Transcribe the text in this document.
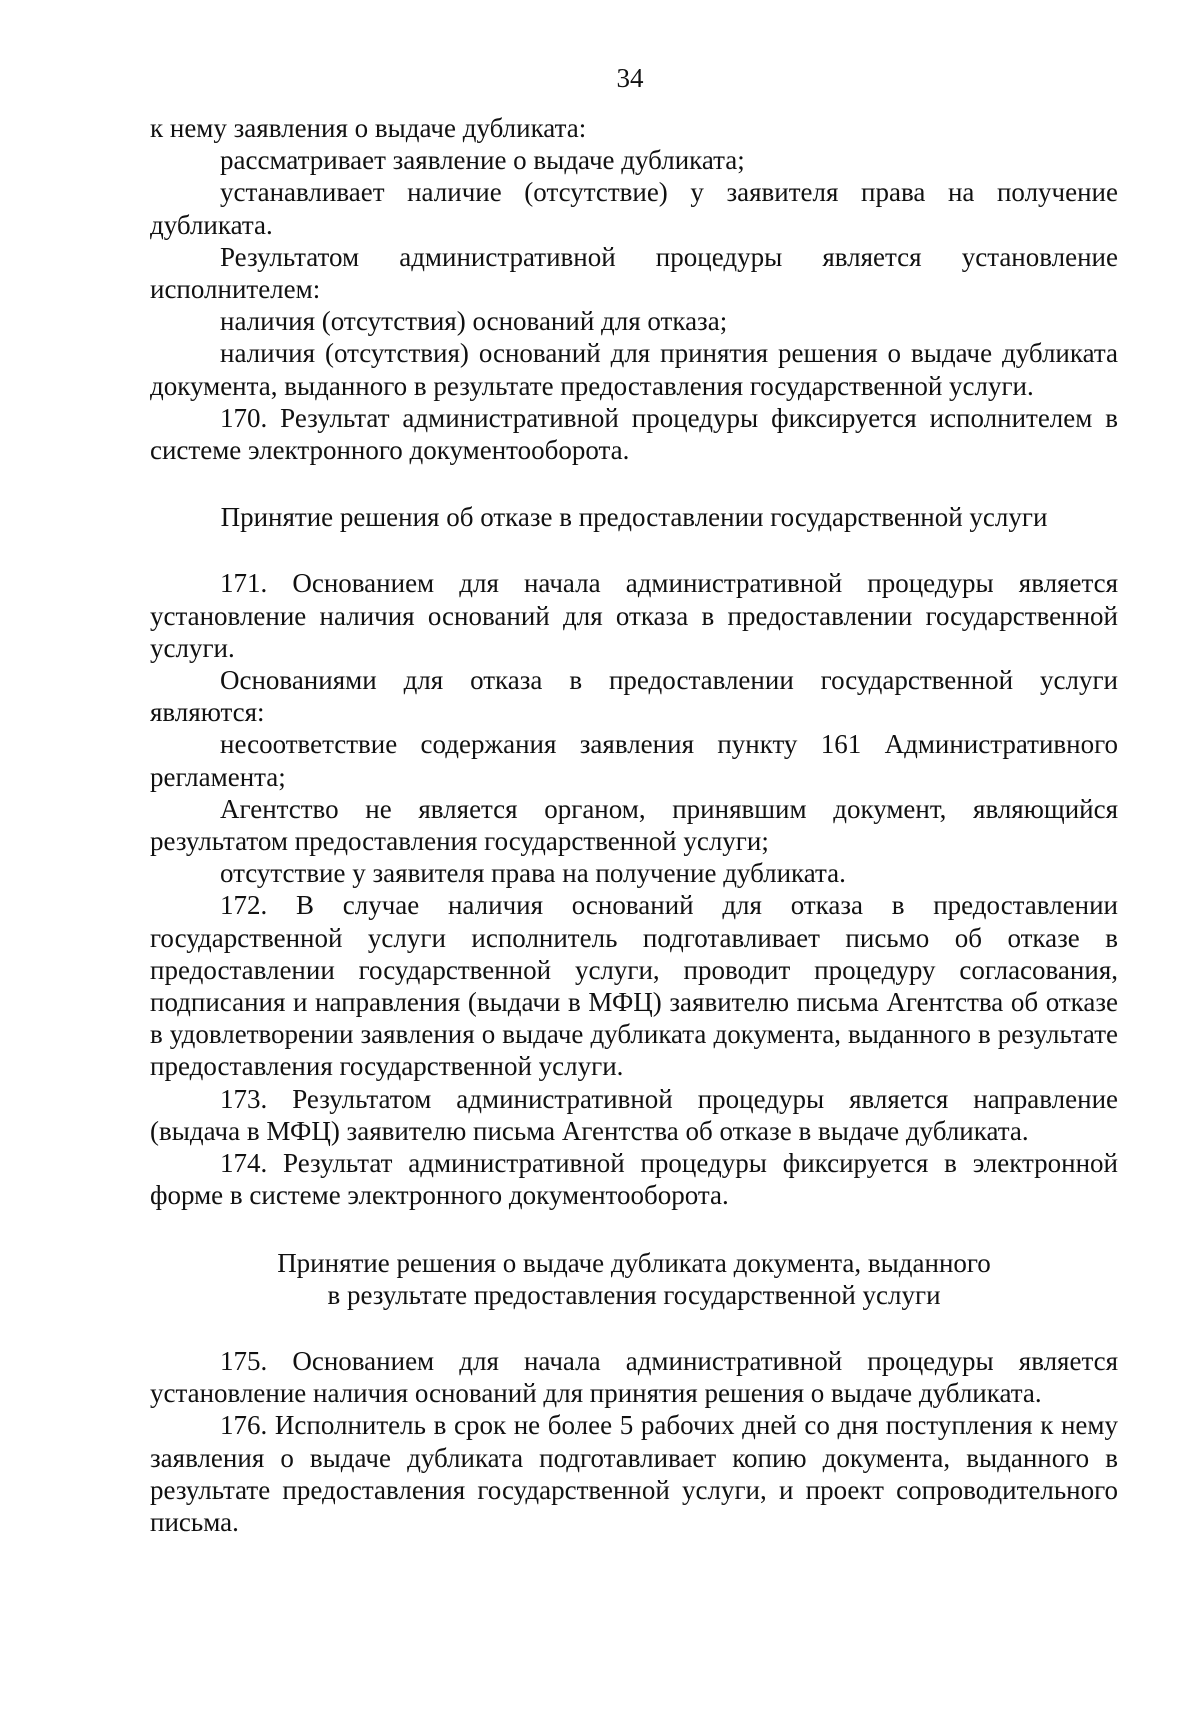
34

к нему заявления о выдаче дубликата:

рассматривает заявление о выдаче дубликата;

устанавливает наличие (отсутствие) у заявителя права на получение дубликата.

Результатом административной процедуры является установление исполнителем:

наличия (отсутствия) оснований для отказа;

наличия (отсутствия) оснований для принятия решения о выдаче дубликата документа, выданного в результате предоставления государственной услуги.

170. Результат административной процедуры фиксируется исполнителем в системе электронного документооборота.

Принятие решения об отказе в предоставлении государственной услуги

171. Основанием для начала административной процедуры является установление наличия оснований для отказа в предоставлении государственной услуги.

Основаниями для отказа в предоставлении государственной услуги являются:

несоответствие содержания заявления пункту 161 Административного регламента;

Агентство не является органом, принявшим документ, являющийся результатом предоставления государственной услуги;

отсутствие у заявителя права на получение дубликата.

172. В случае наличия оснований для отказа в предоставлении государственной услуги исполнитель подготавливает письмо об отказе в предоставлении государственной услуги, проводит процедуру согласования, подписания и направления (выдачи в МФЦ) заявителю письма Агентства об отказе в удовлетворении заявления о выдаче дубликата документа, выданного в результате предоставления государственной услуги.

173. Результатом административной процедуры является направление (выдача в МФЦ) заявителю письма Агентства об отказе в выдаче дубликата.

174. Результат административной процедуры фиксируется в электронной форме в системе электронного документооборота.

Принятие решения о выдаче дубликата документа, выданного
в результате предоставления государственной услуги

175. Основанием для начала административной процедуры является установление наличия оснований для принятия решения о выдаче дубликата.

176. Исполнитель в срок не более 5 рабочих дней со дня поступления к нему заявления о выдаче дубликата подготавливает копию документа, выданного в результате предоставления государственной услуги, и проект сопроводительного письма.
